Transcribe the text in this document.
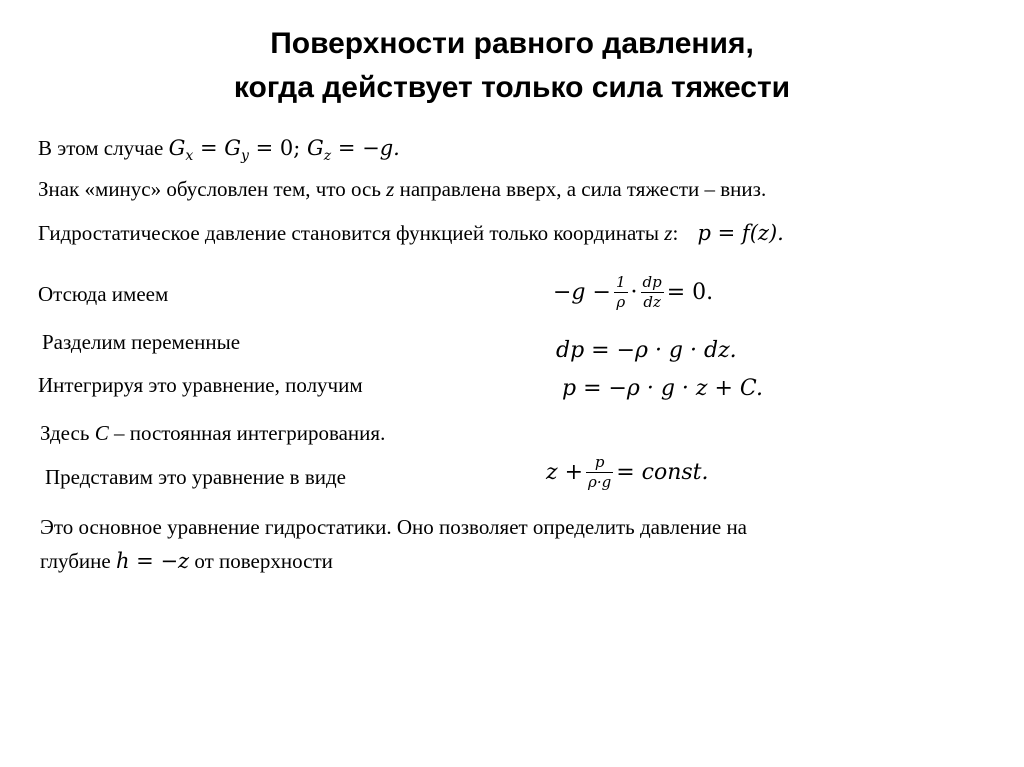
Поверхности равного давления,
когда действует только сила тяжести
В этом случае $G_x = G_y = 0$; $G_z = -g$.
Знак «минус» обусловлен тем, что ось z направлена вверх, а сила тяжести – вниз.
Гидростатическое давление становится функцией только координаты z: p = f(z).
Отсюда имеем	$-g - \frac{1}{\rho} \cdot \frac{dp}{dz} = 0$.
Разделим переменные	dp = −ρ · g · dz.
Интегрируя это уравнение, получим	p = −ρ · g · z + C.
Здесь C – постоянная интегрирования.
Представим это уравнение в виде	$z + \frac{p}{\rho\cdot g}$ = const.
Это основное уравнение гидростатики. Оно позволяет определить давление на
глубине h = −z от поверхности
